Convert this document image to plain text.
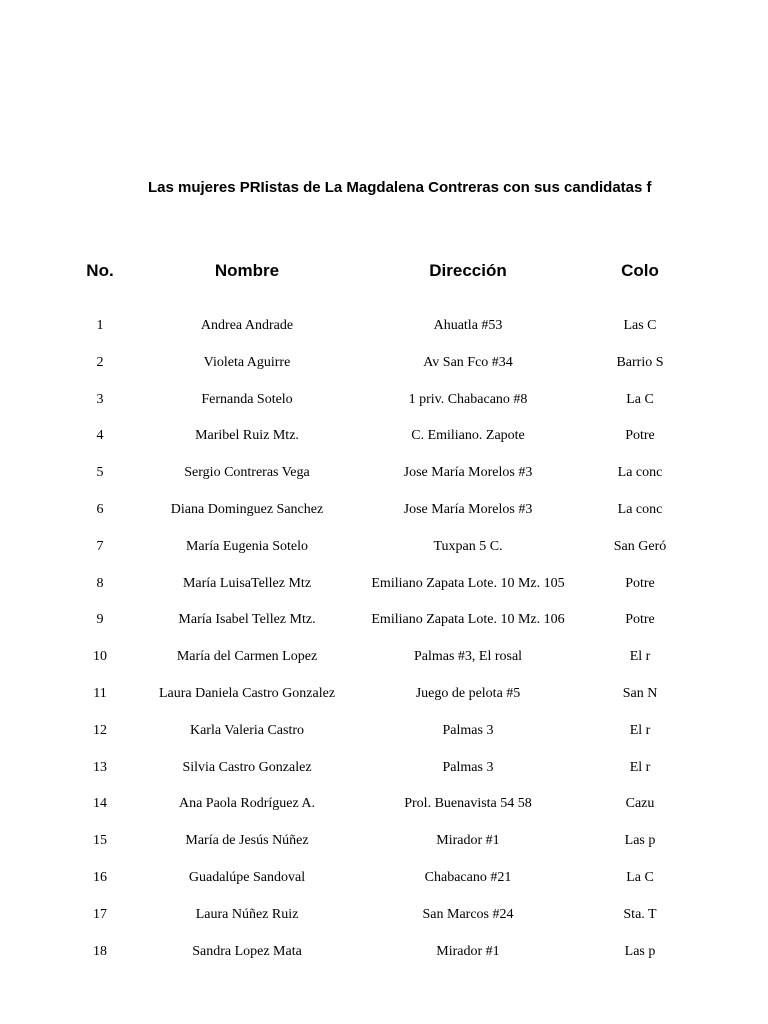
Las mujeres PRIistas de La Magdalena Contreras con sus candidatas f
No.	Nombre	Dirección	Colo
1	Andrea Andrade	Ahuatla #53	Las C
2	Violeta Aguirre	Av San Fco #34	Barrio S
3	Fernanda Sotelo	1 priv. Chabacano #8	La C
4	Maribel Ruiz Mtz.	C. Emiliano. Zapote	Potre
5	Sergio Contreras Vega	Jose María Morelos #3	La conc
6	Diana Dominguez Sanchez	Jose María Morelos #3	La conc
7	María Eugenia Sotelo	Tuxpan 5 C.	San Geró
8	María LuisaTellez Mtz	Emiliano Zapata Lote. 10 Mz. 105	Potre
9	María Isabel Tellez Mtz.	Emiliano Zapata Lote. 10 Mz. 106	Potre
10	María del Carmen Lopez	Palmas #3, El rosal	El r
11	Laura Daniela Castro Gonzalez	Juego de pelota #5	San N
12	Karla Valeria Castro	Palmas 3	El r
13	Silvia Castro Gonzalez	Palmas 3	El r
14	Ana Paola Rodríguez A.	Prol. Buenavista 54 58	Cazu
15	María de Jesús Núñez	Mirador #1	Las p
16	Guadalúpe Sandoval	Chabacano #21	La C
17	Laura Núñez Ruiz	San Marcos #24	Sta. T
18	Sandra Lopez Mata	Mirador #1	Las p
